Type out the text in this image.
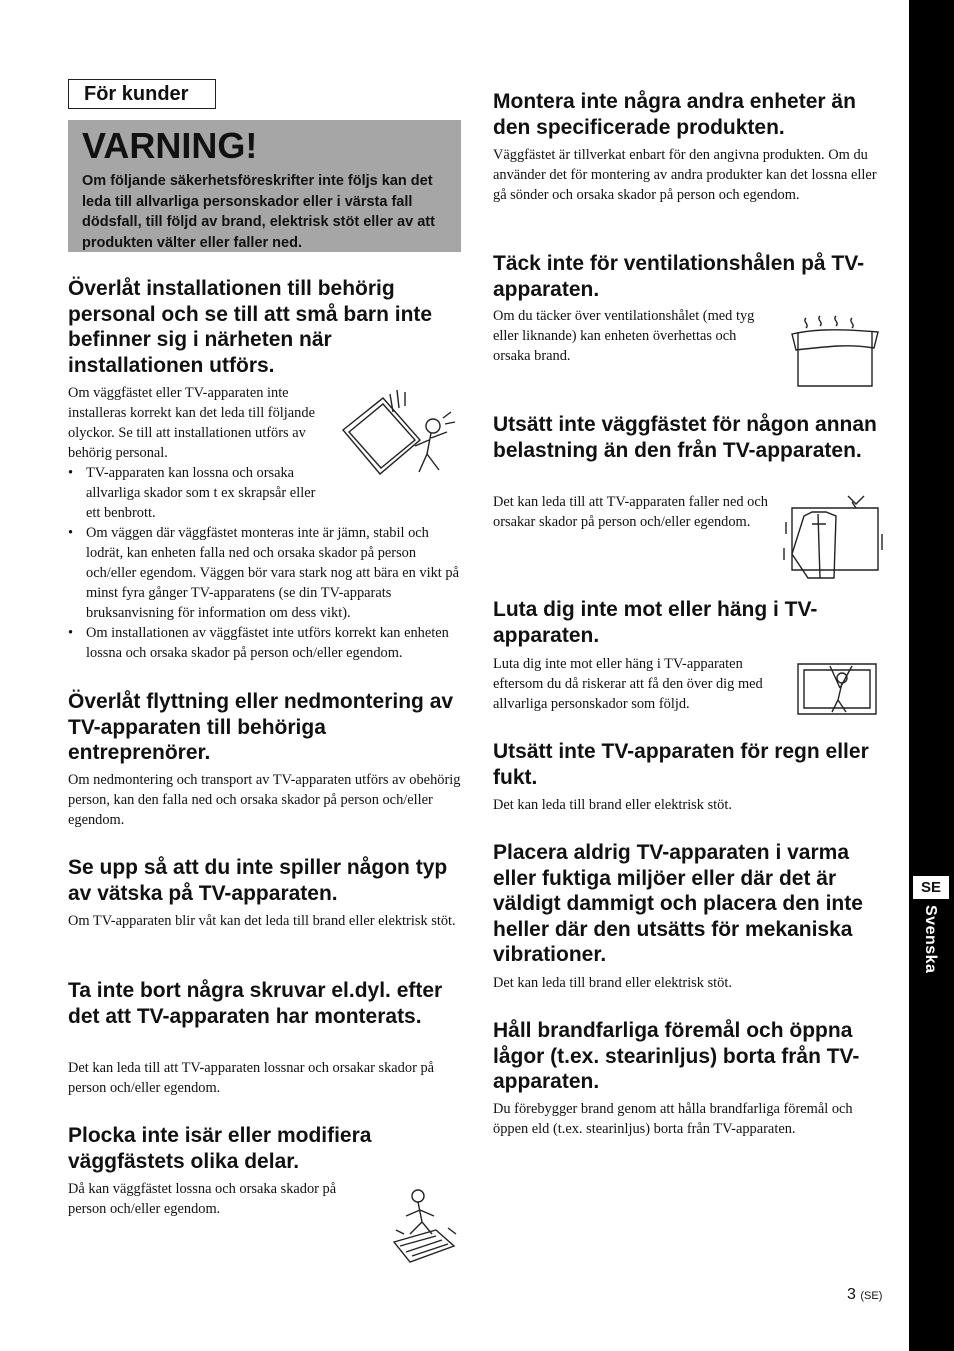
För kunder
VARNING!
Om följande säkerhetsföreskrifter inte följs kan det leda till allvarliga personskador eller i värsta fall dödsfall, till följd av brand, elektrisk stöt eller av att produkten välter eller faller ned.
Överlåt installationen till behörig personal och se till att små barn inte befinner sig i närheten när installationen utförs.

Om väggfästet eller TV-apparaten inte installeras korrekt kan det leda till följande olyckor. Se till att installationen utförs av behörig personal.

• TV-apparaten kan lossna och orsaka allvarliga skador som t ex skrapsår eller ett benbrott.
• Om väggen där väggfästet monteras inte är jämn, stabil och lodrät, kan enheten falla ned och orsaka skador på person och/eller egendom. Väggen bör vara stark nog att bära en vikt på minst fyra gånger TV-apparatens (se din TV-apparats bruksanvisning för information om dess vikt).
• Om installationen av väggfästet inte utförs korrekt kan enheten lossna och orsaka skador på person och/eller egendom.
Överlåt flyttning eller nedmontering av TV-apparaten till behöriga entreprenörer.

Om nedmontering och transport av TV-apparaten utförs av obehörig person, kan den falla ned och orsaka skador på person och/eller egendom.

Se upp så att du inte spiller någon typ av vätska på TV-apparaten.

Om TV-apparaten blir våt kan det leda till brand eller elektrisk stöt.

Ta inte bort några skruvar el.dyl. efter det att TV-apparaten har monterats.

Det kan leda till att TV-apparaten lossnar och orsakar skador på person och/eller egendom.

Plocka inte isär eller modifiera väggfästets olika delar.

Då kan väggfästet lossna och orsaka skador på person och/eller egendom.

Montera inte några andra enheter än den specificerade produkten.

Väggfästet är tillverkat enbart för den angivna produkten. Om du använder det för montering av andra produkter kan det lossna eller gå sönder och orsaka skador på person och egendom.

Täck inte för ventilationshålen på TV-apparaten.

Om du täcker över ventilationshålet (med tyg eller liknande) kan enheten överhettas och orsaka brand.

Utsätt inte väggfästet för någon annan belastning än den från TV-apparaten.

Det kan leda till att TV-apparaten faller ned och orsakar skador på person och/eller egendom.

Luta dig inte mot eller häng i TV-apparaten.

Luta dig inte mot eller häng i TV-apparaten eftersom du då riskerar att få den över dig med allvarliga personskador som följd.

Utsätt inte TV-apparaten för regn eller fukt.

Det kan leda till brand eller elektrisk stöt.

Placera aldrig TV-apparaten i varma eller fuktiga miljöer eller där det är väldigt dammigt och placera den inte heller där den utsätts för mekaniska vibrationer.

Det kan leda till brand eller elektrisk stöt.

Håll brandfarliga föremål och öppna lågor (t.ex. stearinljus) borta från TV-apparaten.

Du förebygger brand genom att hålla brandfarliga föremål och öppen eld (t.ex. stearinljus) borta från TV-apparaten.

SE
Svenska
3 (SE)
